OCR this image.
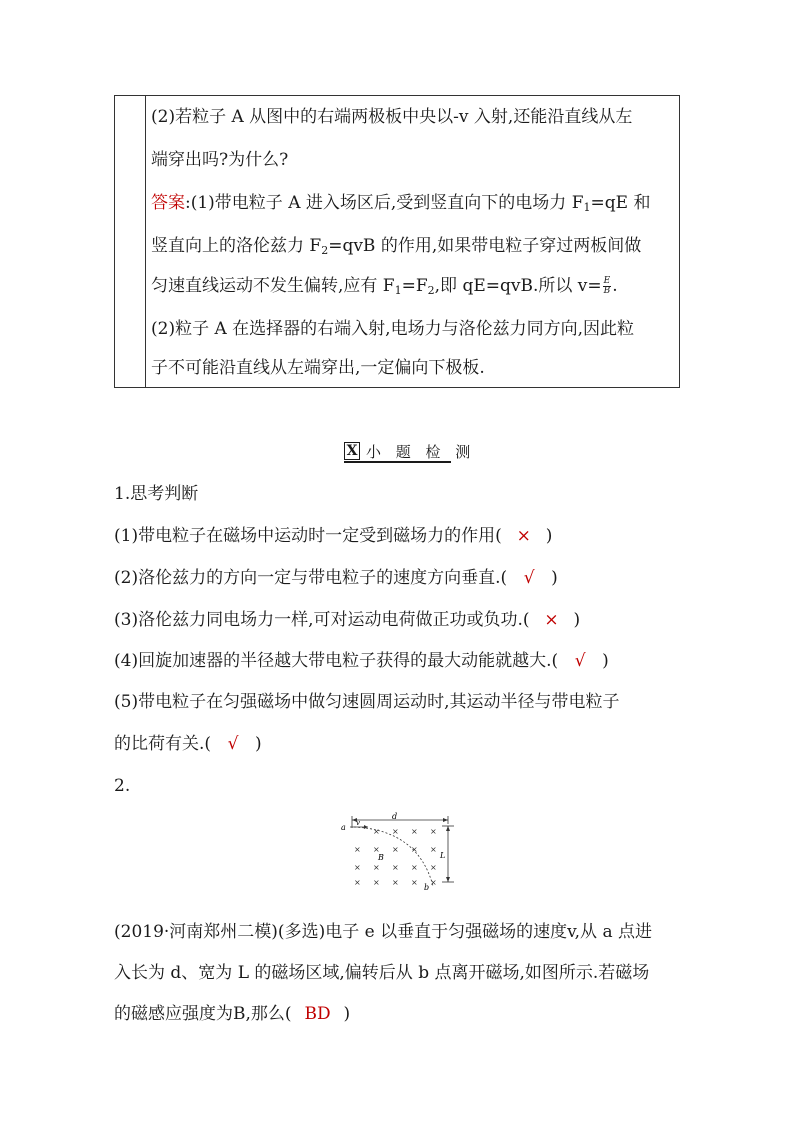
(2)若粒子 A 从图中的右端两极板中央以-v 入射,还能沿直线从左
端穿出吗?为什么?
答案:(1)带电粒子 A 进入场区后,受到竖直向下的电场力 $F_1=qE$ 和
竖直向上的洛伦兹力 $F_2=qvB$ 的作用,如果带电粒子穿过两板间做
匀速直线运动不发生偏转,应有 $F_1=F_2$,即 qE=qvB.所以 $v= \frac{E}{B}$ .
(2)粒子 A 在选择器的右端入射,电场力与洛伦兹力同方向,因此粒
子不可能沿直线从左端穿出,一定偏向下极板.
X 小 题 检 测
1.思考判断
(1)带电粒子在磁场中运动时一定受到磁场力的作用( × )
(2)洛伦兹力的方向一定与带电粒子的速度方向垂直.( √ )
(3)洛伦兹力同电场力一样,可对运动电荷做正功或负功.( × )
(4)回旋加速器的半径越大带电粒子获得的最大动能就越大.( √ )
(5)带电粒子在匀强磁场中做匀速圆周运动时,其运动半径与带电粒子
的比荷有关.( √ )
2.
d
v
a
L
× × × ×
× × × × ×
× × × × ×
× × × × ×
B
b
(2019·河南郑州二模)(多选)电子 e 以垂直于匀强磁场的速度v,从 a 点进
入长为 d、宽为 L 的磁场区域,偏转后从 b 点离开磁场,如图所示.若磁场
的磁感应强度为B,那么( BD )
